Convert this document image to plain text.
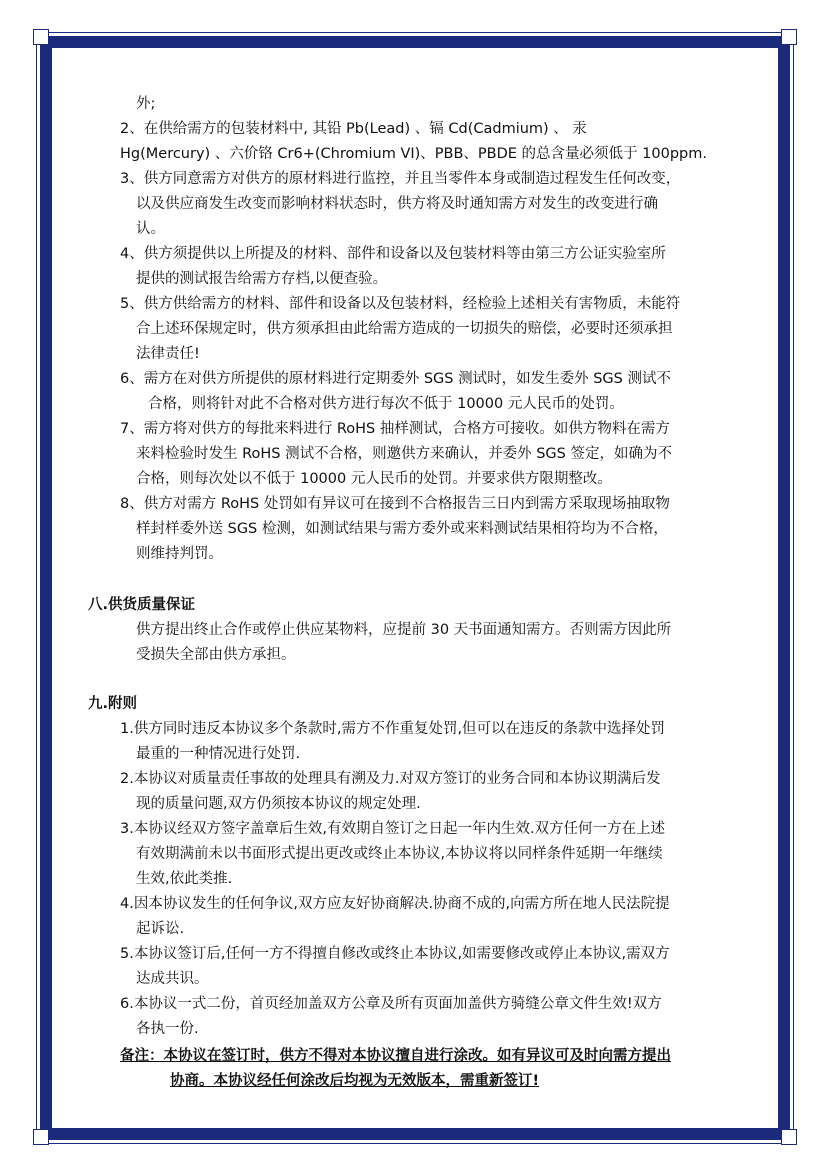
外;

2、在供给需方的包装材料中, 其铅 Pb(Lead) 、镉 Cd(Cadmium) 、 汞

Hg(Mercury) 、六价铬 Cr6+(Chromium VI)、PBB、PBDE 的总含量必须低于 100ppm.

3、供方同意需方对供方的原材料进行监控，并且当零件本身或制造过程发生任何改变，

以及供应商发生改变而影响材料状态时，供方将及时通知需方对发生的改变进行确

认。

4、供方须提供以上所提及的材料、部件和设备以及包装材料等由第三方公证实验室所

提供的测试报告给需方存档,以便查验。

5、供方供给需方的材料、部件和设备以及包装材料，经检验上述相关有害物质，未能符

合上述环保规定时，供方须承担由此给需方造成的一切损失的赔偿，必要时还须承担

法律责任!

6、需方在对供方所提供的原材料进行定期委外 SGS 测试时，如发生委外 SGS 测试不

合格，则将针对此不合格对供方进行每次不低于 10000 元人民币的处罚。

7、需方将对供方的每批来料进行 RoHS 抽样测试，合格方可接收。如供方物料在需方

来料检验时发生 RoHS 测试不合格，则邀供方来确认，并委外 SGS 签定，如确为不

合格，则每次处以不低于 10000 元人民币的处罚。并要求供方限期整改。

8、供方对需方 RoHS 处罚如有异议可在接到不合格报告三日内到需方采取现场抽取物

样封样委外送 SGS 检测，如测试结果与需方委外或来料测试结果相符均为不合格，

则维持判罚。

八.供货质量保证

供方提出终止合作或停止供应某物料，应提前 30 天书面通知需方。否则需方因此所

受损失全部由供方承担。

九.附则

1.供方同时违反本协议多个条款时,需方不作重复处罚,但可以在违反的条款中选择处罚

最重的一种情况进行处罚.

2.本协议对质量责任事故的处理具有溯及力.对双方签订的业务合同和本协议期满后发

现的质量问题,双方仍须按本协议的规定处理.

3.本协议经双方签字盖章后生效,有效期自签订之日起一年内生效.双方任何一方在上述

有效期满前未以书面形式提出更改或终止本协议,本协议将以同样条件延期一年继续

生效,依此类推.

4.因本协议发生的任何争议,双方应友好协商解决.协商不成的,向需方所在地人民法院提

起诉讼.

5.本协议签订后,任何一方不得擅自修改或终止本协议,如需要修改或停止本协议,需双方

达成共识。

6.本协议一式二份，首页经加盖双方公章及所有页面加盖供方骑缝公章文件生效!双方

各执一份.

备注：本协议在签订时，供方不得对本协议擅自进行涂改。如有异议可及时向需方提出

协商。本协议经任何涂改后均视为无效版本，需重新签订!
